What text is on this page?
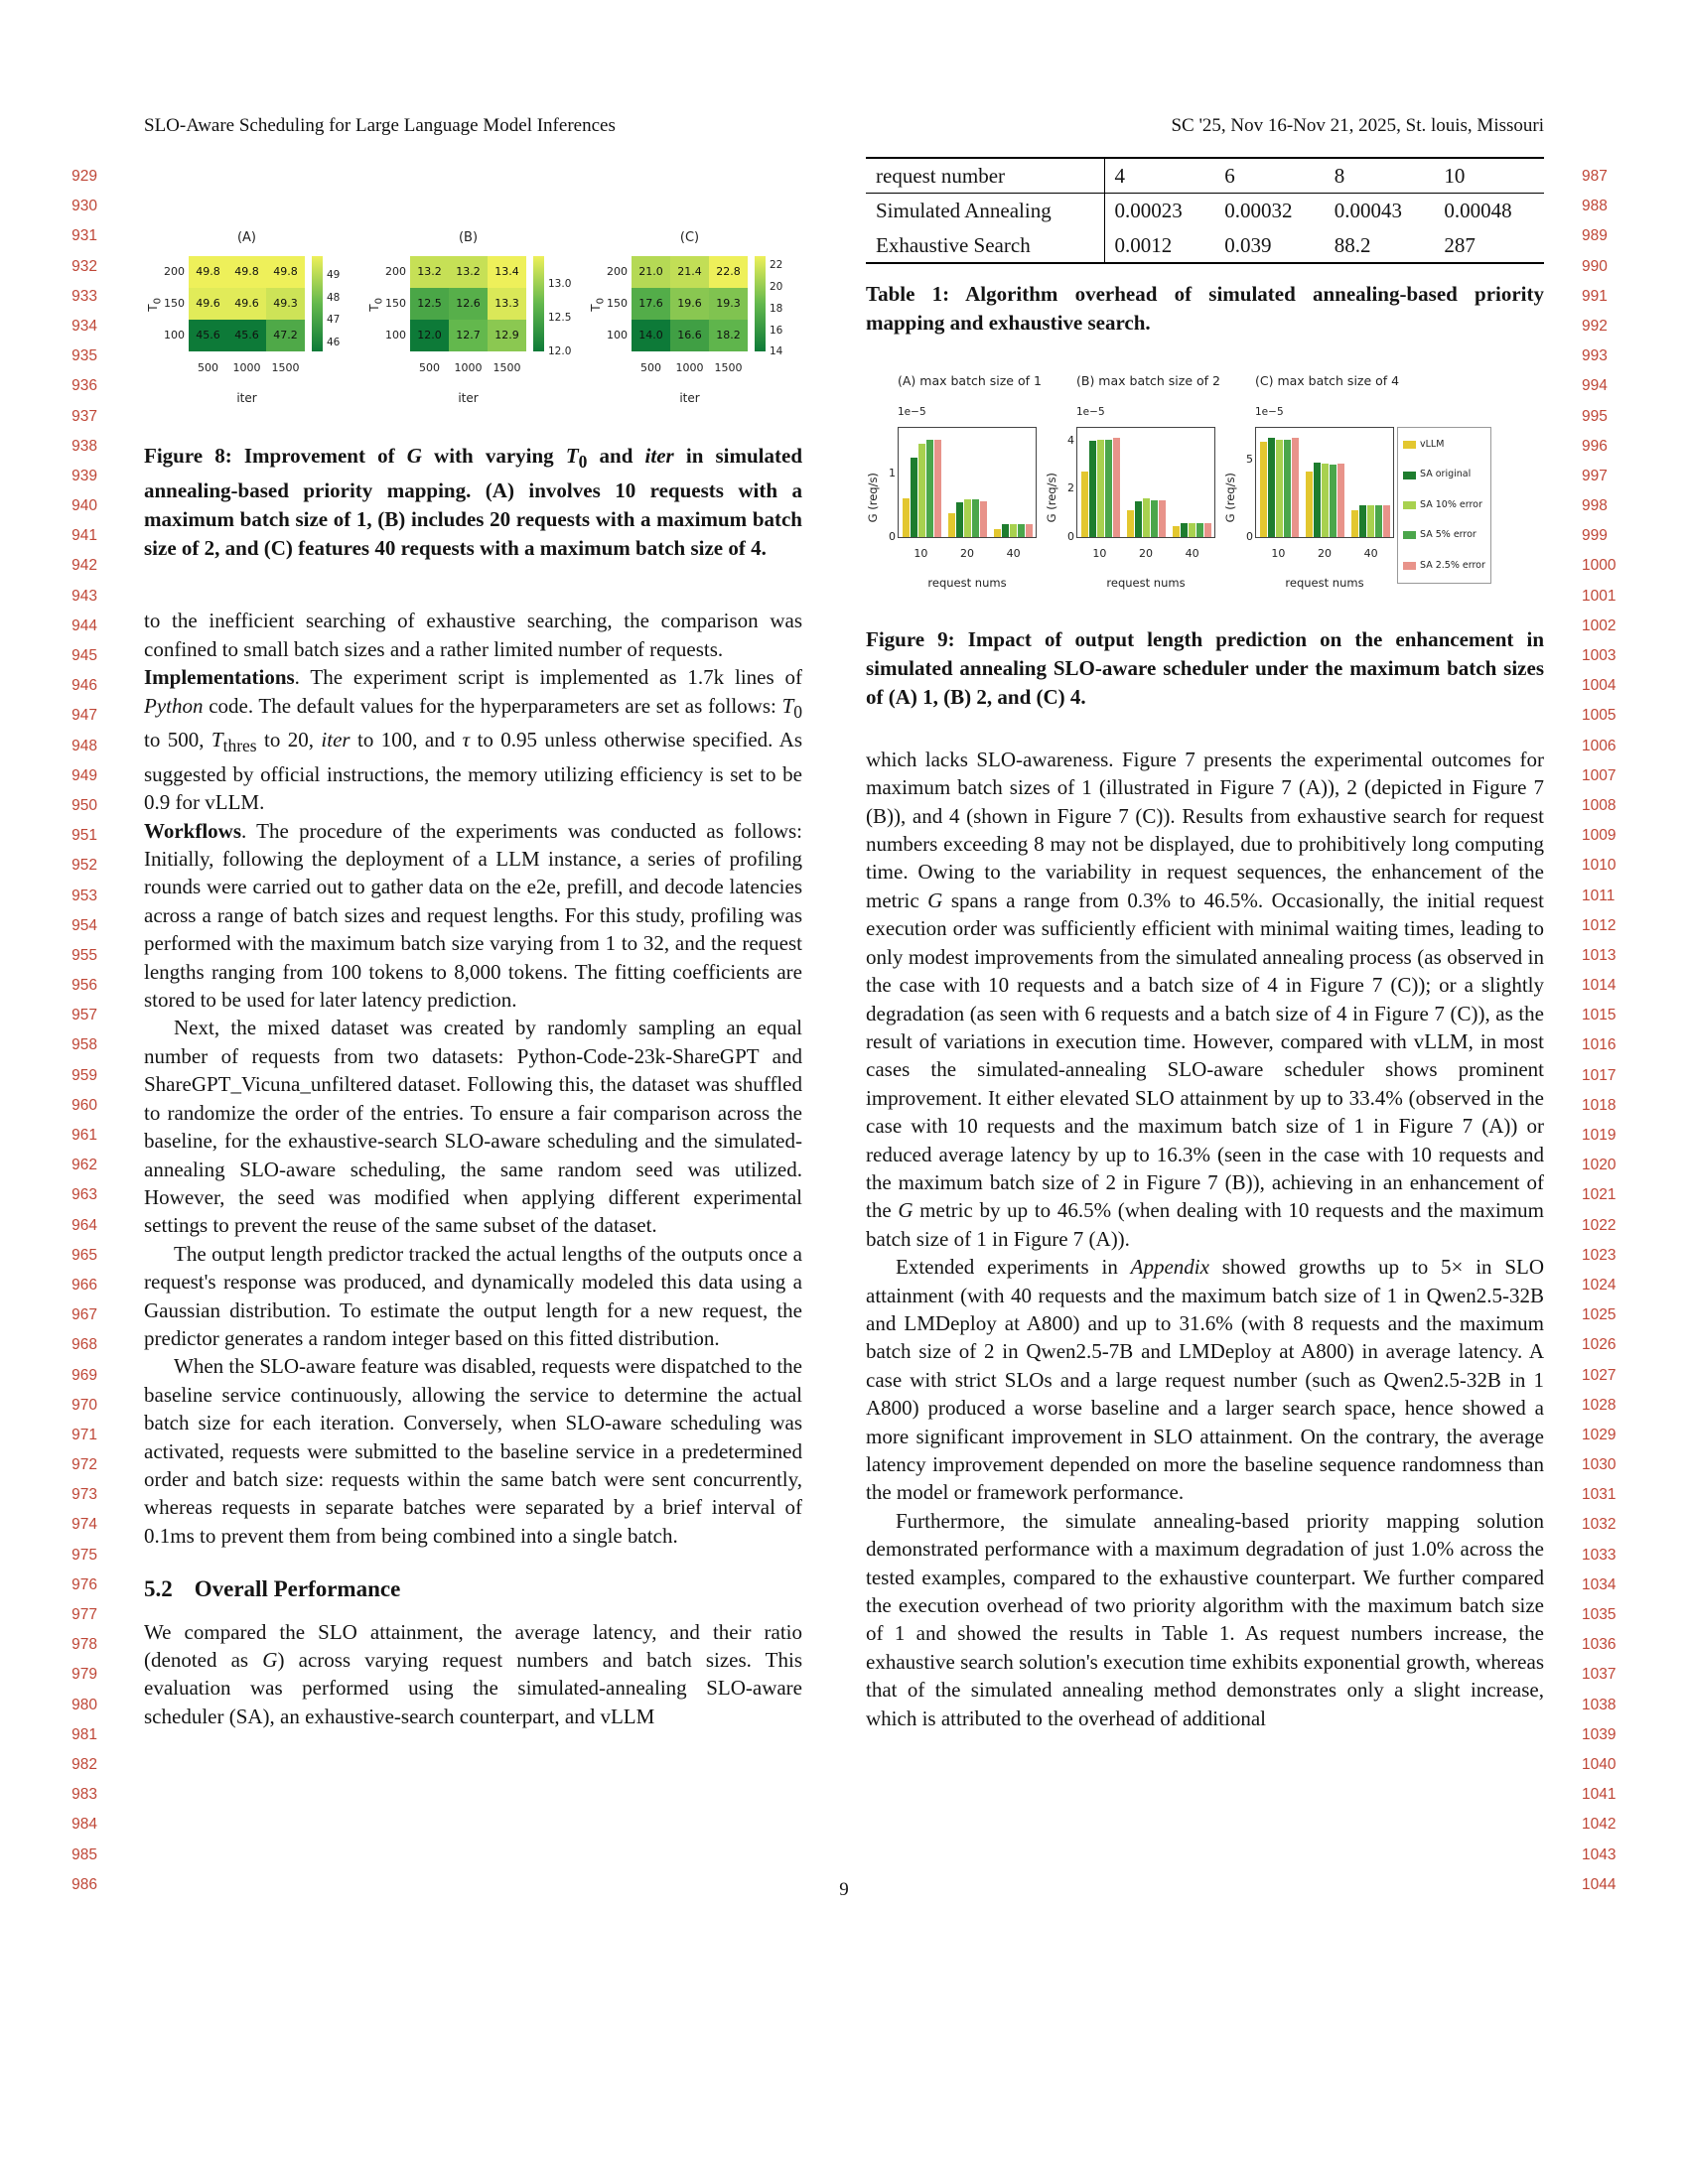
SLO-Aware Scheduling for Large Language Model Inferences	SC '25, Nov 16-Nov 21, 2025, St. louis, Missouri
929
930
931
932
933
934
935
936
937
938
939
940
941
942
943
944
945
946
947
948
949
950
951
952
953
954
955
956
957
958
959
960
961
962
963
964
965
966
967
968
969
970
971
972
973
974
975
976
977
978
979
980
981
982
983
984
985
986
987
988
989
990
991
992
993
994
995
996
997
998
999
1000
1001
1002
1003
1004
1005
1006
1007
1008
1009
1010
1011
1012
1013
1014
1015
1016
1017
1018
1019
1020
1021
1022
1023
1024
1025
1026
1027
1028
1029
1030
1031
1032
1033
1034
1035
1036
1037
1038
1039
1040
1041
1042
1043
1044
(A)
$T_0$
200
150
100
49.8	49.8	49.8
49.6	49.6	49.3
45.6	45.6	47.2
500	1000	1500
iter
49
48
47
46
(B)
$T_0$
200
150
100
13.2	13.2	13.4
12.5	12.6	13.3
12.0	12.7	12.9
500	1000	1500
iter
13.0
12.5
12.0
(C)
$T_0$
200
150
100
21.0	21.4	22.8
17.6	19.6	19.3
14.0	16.6	18.2
500	1000	1500
iter
22
20
18
16
14

Figure 8: Improvement of G with varying $T_0$ and iter in simulated annealing-based priority mapping. (A) involves 10 requests with a maximum batch size of 1, (B) includes 20 requests with a maximum batch size of 2, and (C) features 40 requests with a maximum batch size of 4.

to the inefficient searching of exhaustive searching, the comparison was confined to small batch sizes and a rather limited number of requests.

Implementations. The experiment script is implemented as 1.7k lines of Python code. The default values for the hyperparameters are set as follows: $T_0$ to 500, $T_{thres}$ to 20, iter to 100, and τ to 0.95 unless otherwise specified. As suggested by official instructions, the memory utilizing efficiency is set to be 0.9 for vLLM.

Workflows. The procedure of the experiments was conducted as follows: Initially, following the deployment of a LLM instance, a series of profiling rounds were carried out to gather data on the e2e, prefill, and decode latencies across a range of batch sizes and request lengths. For this study, profiling was performed with the maximum batch size varying from 1 to 32, and the request lengths ranging from 100 tokens to 8,000 tokens. The fitting coefficients are stored to be used for later latency prediction.

Next, the mixed dataset was created by randomly sampling an equal number of requests from two datasets: Python-Code-23k-ShareGPT and ShareGPT_Vicuna_unfiltered dataset. Following this, the dataset was shuffled to randomize the order of the entries. To ensure a fair comparison across the baseline, for the exhaustive-search SLO-aware scheduling and the simulated-annealing SLO-aware scheduling, the same random seed was utilized. However, the seed was modified when applying different experimental settings to prevent the reuse of the same subset of the dataset.

The output length predictor tracked the actual lengths of the outputs once a request's response was produced, and dynamically modeled this data using a Gaussian distribution. To estimate the output length for a new request, the predictor generates a random integer based on this fitted distribution.

When the SLO-aware feature was disabled, requests were dispatched to the baseline service continuously, allowing the service to determine the actual batch size for each iteration. Conversely, when SLO-aware scheduling was activated, requests were submitted to the baseline service in a predetermined order and batch size: requests within the same batch were sent concurrently, whereas requests in separate batches were separated by a brief interval of 0.1ms to prevent them from being combined into a single batch.

5.2 Overall Performance

We compared the SLO attainment, the average latency, and their ratio (denoted as G) across varying request numbers and batch sizes. This evaluation was performed using the simulated-annealing SLO-aware scheduler (SA), an exhaustive-search counterpart, and vLLM

request number	4	6	8	10
Simulated Annealing	0.00023	0.00032	0.00043	0.00048
Exhaustive Search	0.0012	0.039	88.2	287

Table 1: Algorithm overhead of simulated annealing-based priority mapping and exhaustive search.

(A) max batch size of 1
G (req/s)
1e−5
0
1
10	20	40
request nums
(B) max batch size of 2
G (req/s)
1e−5
0
2
4
10	20	40
request nums
(C) max batch size of 4
G (req/s)
1e−5
0
5
vLLM
SA original
SA 10% error
SA 5% error
SA 2.5% error
10	20	40
request nums

Figure 9: Impact of output length prediction on the enhancement in simulated annealing SLO-aware scheduler under the maximum batch sizes of (A) 1, (B) 2, and (C) 4.

which lacks SLO-awareness. Figure 7 presents the experimental outcomes for maximum batch sizes of 1 (illustrated in Figure 7 (A)), 2 (depicted in Figure 7 (B)), and 4 (shown in Figure 7 (C)). Results from exhaustive search for request numbers exceeding 8 may not be displayed, due to prohibitively long computing time. Owing to the variability in request sequences, the enhancement of the metric G spans a range from 0.3% to 46.5%. Occasionally, the initial request execution order was sufficiently efficient with minimal waiting times, leading to only modest improvements from the simulated annealing process (as observed in the case with 10 requests and a batch size of 4 in Figure 7 (C)); or a slightly degradation (as seen with 6 requests and a batch size of 4 in Figure 7 (C)), as the result of variations in execution time. However, compared with vLLM, in most cases the simulated-annealing SLO-aware scheduler shows prominent improvement. It either elevated SLO attainment by up to 33.4% (observed in the case with 10 requests and the maximum batch size of 1 in Figure 7 (A)) or reduced average latency by up to 16.3% (seen in the case with 10 requests and the maximum batch size of 2 in Figure 7 (B)), achieving in an enhancement of the G metric by up to 46.5% (when dealing with 10 requests and the maximum batch size of 1 in Figure 7 (A)).

Extended experiments in Appendix showed growths up to 5× in SLO attainment (with 40 requests and the maximum batch size of 1 in Qwen2.5-32B and LMDeploy at A800) and up to 31.6% (with 8 requests and the maximum batch size of 2 in Qwen2.5-7B and LMDeploy at A800) in average latency. A case with strict SLOs and a large request number (such as Qwen2.5-32B in 1 A800) produced a worse baseline and a larger search space, hence showed a more significant improvement in SLO attainment. On the contrary, the average latency improvement depended on more the baseline sequence randomness than the model or framework performance.

Furthermore, the simulate annealing-based priority mapping solution demonstrated performance with a maximum degradation of just 1.0% across the tested examples, compared to the exhaustive counterpart. We further compared the execution overhead of two priority algorithm with the maximum batch size of 1 and showed the results in Table 1. As request numbers increase, the exhaustive search solution's execution time exhibits exponential growth, whereas that of the simulated annealing method demonstrates only a slight increase, which is attributed to the overhead of additional

9
